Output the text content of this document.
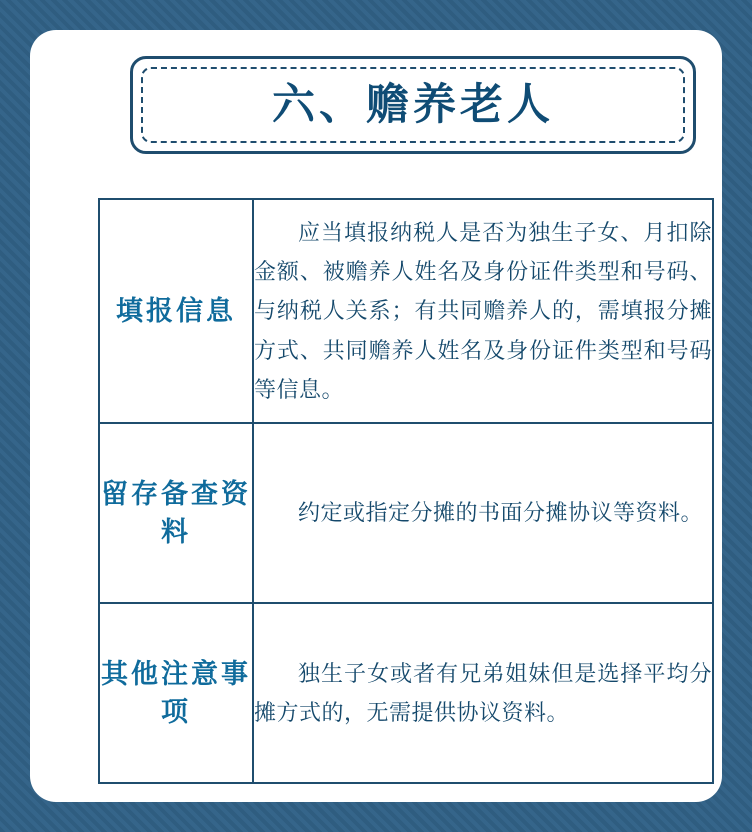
六、赡养老人
填报信息	应当填报纳税人是否为独生子女、月扣除金额、被赡养人姓名及身份证件类型和号码、与纳税人关系；有共同赡养人的，需填报分摊方式、共同赡养人姓名及身份证件类型和号码等信息。

留存备查资料	约定或指定分摊的书面分摊协议等资料。

其他注意事项	独生子女或者有兄弟姐妹但是选择平均分摊方式的，无需提供协议资料。
